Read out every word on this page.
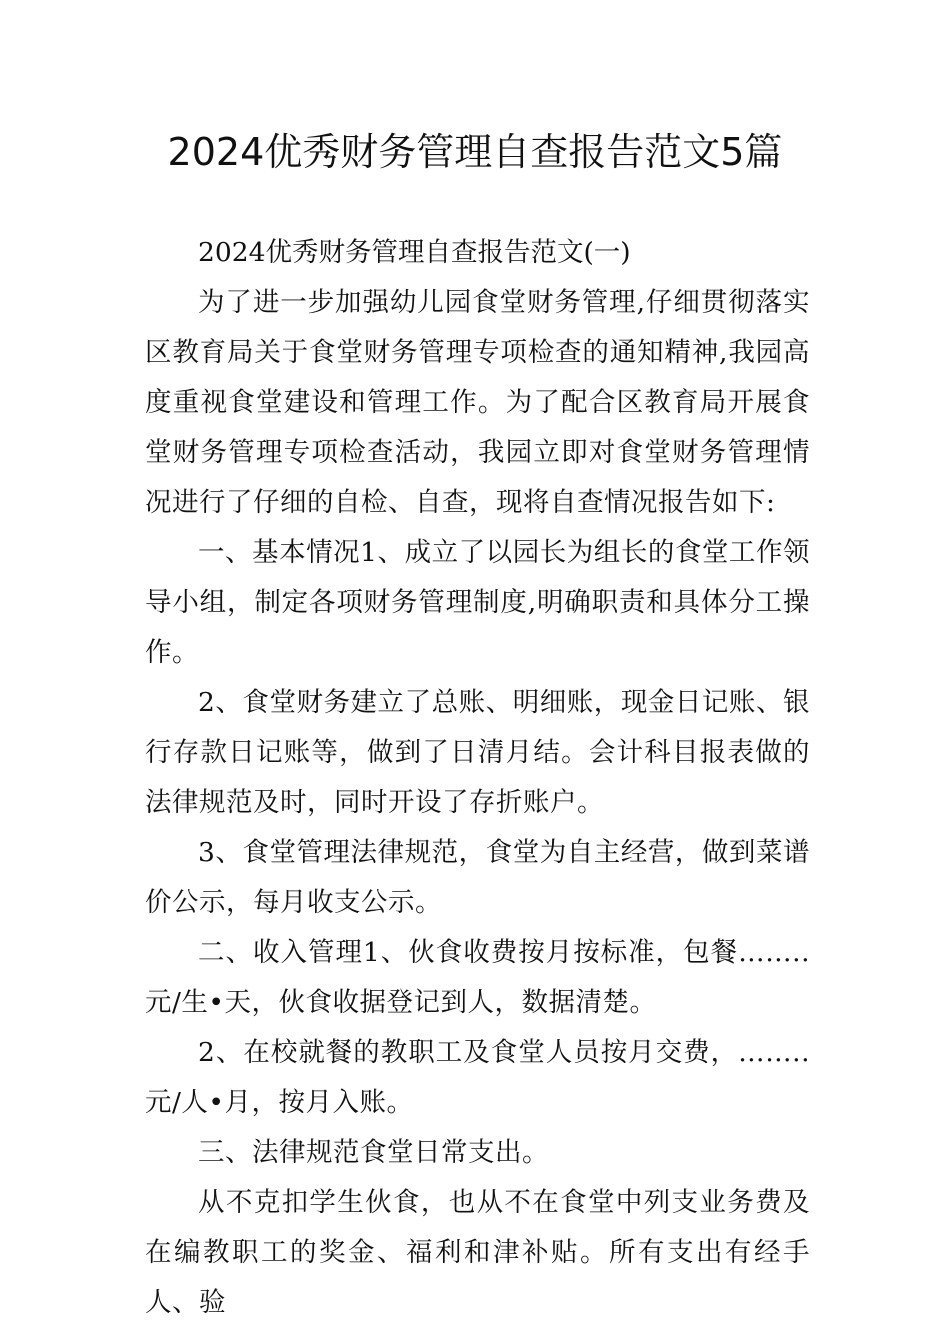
2024优秀财务管理自查报告范文5篇

2024优秀财务管理自查报告范文(一)

为了进一步加强幼儿园食堂财务管理,仔细贯彻落实区教育局关于食堂财务管理专项检查的通知精神,我园高度重视食堂建设和管理工作。为了配合区教育局开展食堂财务管理专项检查活动，我园立即对食堂财务管理情况进行了仔细的自检、自查，现将自查情况报告如下:

一、基本情况1、成立了以园长为组长的食堂工作领导小组，制定各项财务管理制度,明确职责和具体分工操作。

2、食堂财务建立了总账、明细账，现金日记账、银行存款日记账等，做到了日清月结。会计科目报表做的法律规范及时，同时开设了存折账户。

3、食堂管理法律规范，食堂为自主经营，做到菜谱价公示，每月收支公示。

二、收入管理1、伙食收费按月按标准，包餐……..元/生•天，伙食收据登记到人，数据清楚。

2、在校就餐的教职工及食堂人员按月交费，……..元/人•月，按月入账。

三、法律规范食堂日常支出。

从不克扣学生伙食，也从不在食堂中列支业务费及在编教职工的奖金、福利和津补贴。所有支出有经手人、验
